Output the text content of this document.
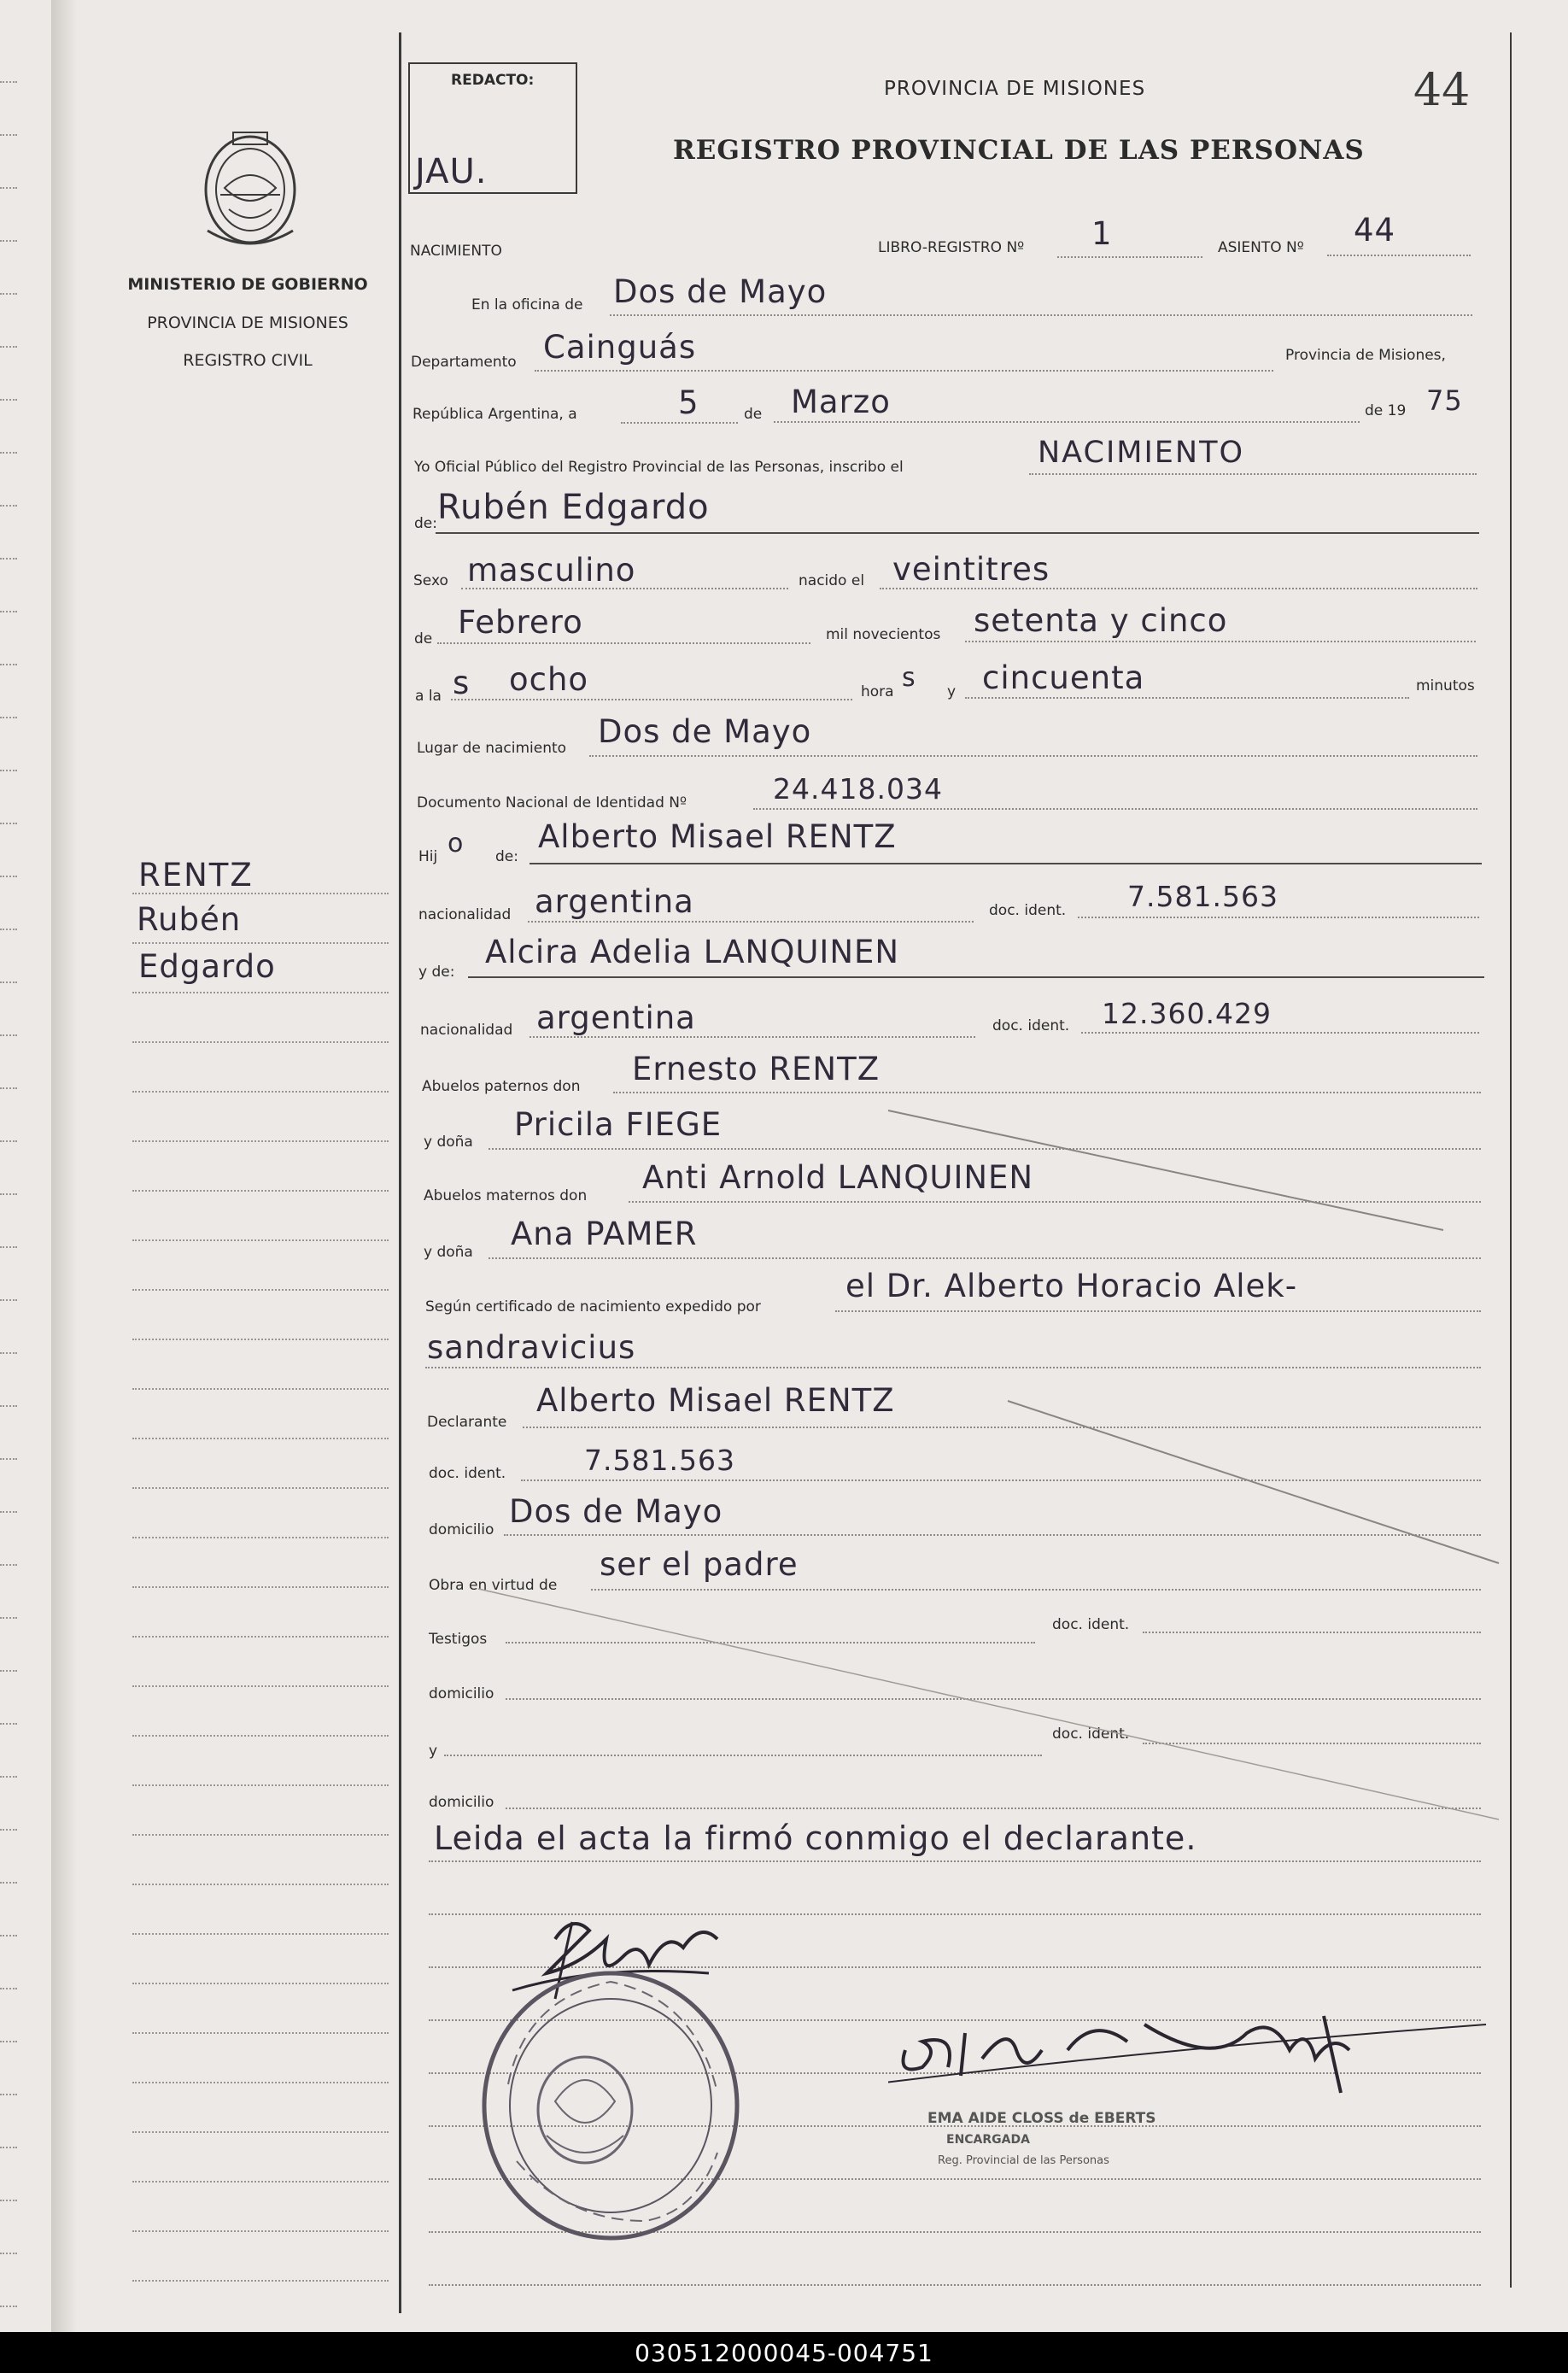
MINISTERIO DE GOBIERNO
PROVINCIA DE MISIONES
REGISTRO CIVIL
RENTZ
Rubén
Edgardo
REDACTO:
JAU.
PROVINCIA DE MISIONES
REGISTRO PROVINCIAL DE LAS PERSONAS
44
NACIMIENTO	LIBRO-REGISTRO Nº 1	ASIENTO Nº 44
En la oficina de Dos de Mayo
Departamento Cainguás	Provincia de Misiones,
República Argentina, a	5	de Marzo	de 19 75
Yo Oficial Público del Registro Provincial de las Personas, inscribo el	NACIMIENTO
de: Rubén Edgardo
Sexo masculino	nacido el veintitres
de Febrero	mil novecientos setenta y cinco
a la s ocho	hora s y cincuenta	minutos
Lugar de nacimiento Dos de Mayo
Documento Nacional de Identidad Nº	24.418.034
Hij o de:
Alberto Misael RENTZ
nacionalidad argentina	doc. ident. 7.581.563
y de:
Alcira Adelia LANQUINEN
nacionalidad argentina	doc. ident. 12.360.429
Abuelos paternos don Ernesto RENTZ
y doña Pricila FIEGE
Abuelos maternos don Anti Arnold LANQUINEN
y doña Ana PAMER
Según certificado de nacimiento expedido por
el Dr. Alberto Horacio Alek-
sandravicius
Declarante
Alberto Misael RENTZ
doc. ident.	7.581.563
domicilio Dos de Mayo
Obra en virtud de
ser el padre
Testigos
doc. ident.
domicilio
y
doc. ident.
domicilio
Leida el acta la firmó conmigo el declarante.
EMA AIDE CLOSS de EBERTS
ENCARGADA
Reg. Provincial de las Personas
030512000045-004751
